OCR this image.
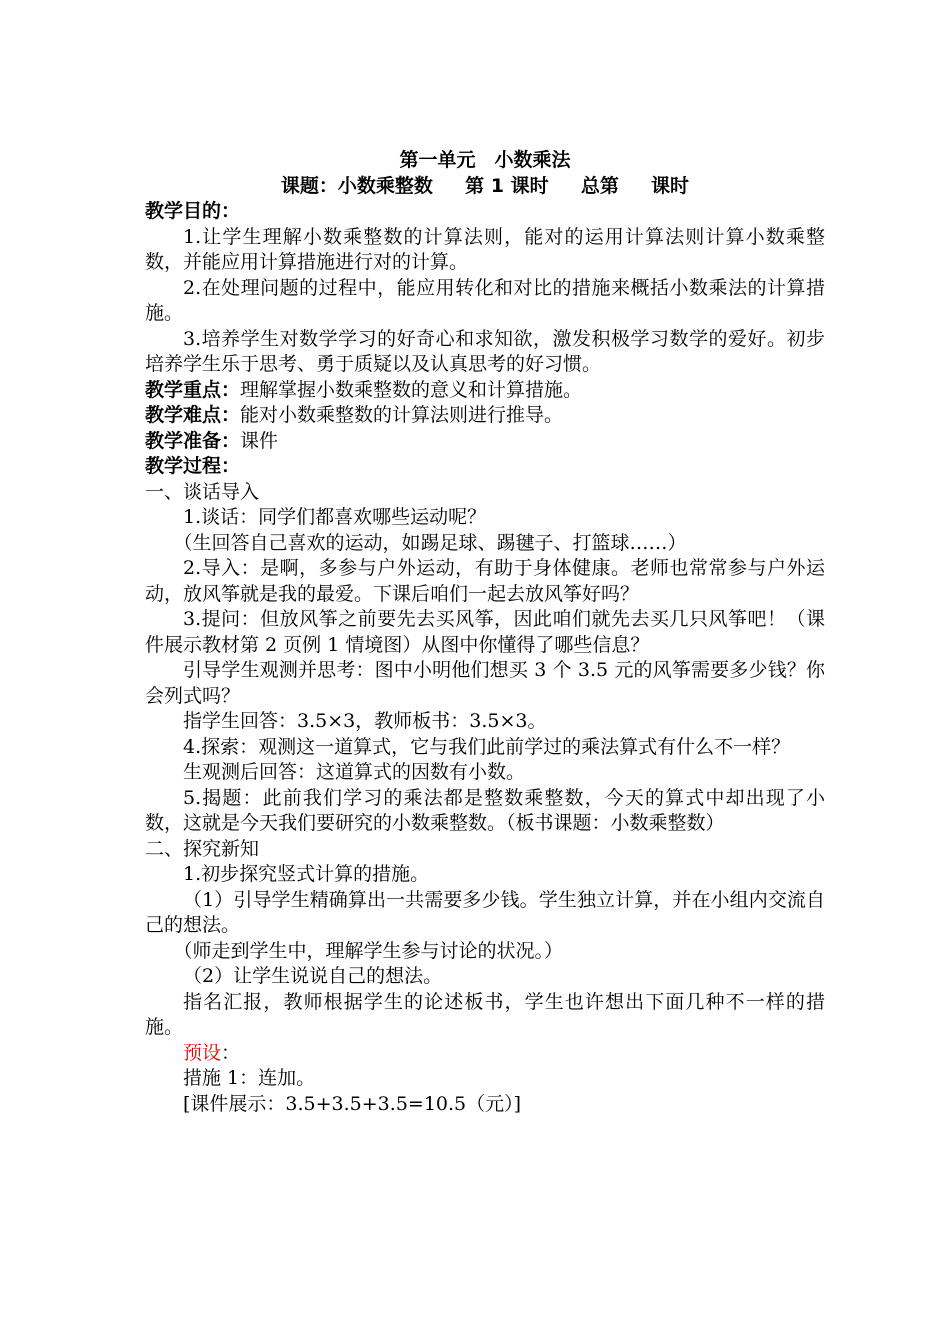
第一单元　小数乘法
课题：小数乘整数　  第 1 课时　  总第　  课时
教学目的：
1.让学生理解小数乘整数的计算法则，能对的运用计算法则计算小数乘整数，并能应用计算措施进行对的计算。
2.在处理问题的过程中，能应用转化和对比的措施来概括小数乘法的计算措施。
3.培养学生对数学学习的好奇心和求知欲，激发积极学习数学的爱好。初步培养学生乐于思考、勇于质疑以及认真思考的好习惯。
教学重点：理解掌握小数乘整数的意义和计算措施。
教学难点：能对小数乘整数的计算法则进行推导。
教学准备：课件
教学过程：
一、谈话导入
1.谈话：同学们都喜欢哪些运动呢？
（生回答自己喜欢的运动，如踢足球、踢毽子、打篮球……）
2.导入：是啊，多参与户外运动，有助于身体健康。老师也常常参与户外运动，放风筝就是我的最爱。下课后咱们一起去放风筝好吗？
3.提问：但放风筝之前要先去买风筝，因此咱们就先去买几只风筝吧！（课件展示教材第 2 页例 1 情境图）从图中你懂得了哪些信息？
引导学生观测并思考：图中小明他们想买 3 个 3.5 元的风筝需要多少钱？你会列式吗？
指学生回答：3.5×3，教师板书：3.5×3。
4.探索：观测这一道算式，它与我们此前学过的乘法算式有什么不一样？
生观测后回答：这道算式的因数有小数。
5.揭题：此前我们学习的乘法都是整数乘整数，今天的算式中却出现了小数，这就是今天我们要研究的小数乘整数。（板书课题：小数乘整数）
二、探究新知
1.初步探究竖式计算的措施。
（1）引导学生精确算出一共需要多少钱。学生独立计算，并在小组内交流自己的想法。
（师走到学生中，理解学生参与讨论的状况。）
（2）让学生说说自己的想法。
指名汇报，教师根据学生的论述板书，学生也许想出下面几种不一样的措施。
预设：
措施 1：连加。
[课件展示：3.5+3.5+3.5=10.5（元）]
